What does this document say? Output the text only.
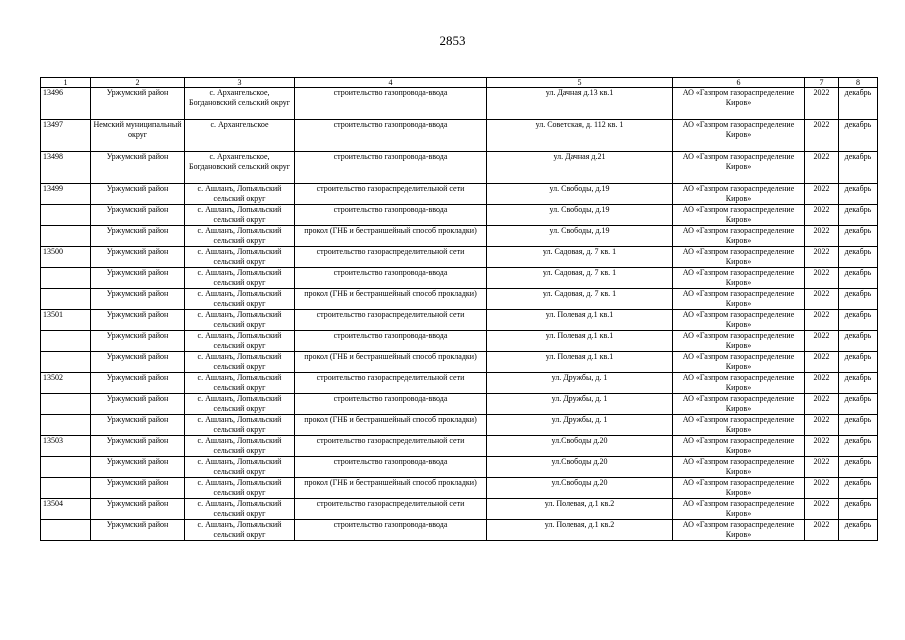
2853
1	2	3	4	5	6	7	8
13496	Уржумский район	с. Архангельское, Богдановский сельский округ	строительство газопровода-ввода	ул. Дачная д.13 кв.1	АО «Газпром газораспределение Киров»	2022	декабрь
13497	Немский муниципальный округ	с. Архангельское	строительство газопровода-ввода	ул. Советская, д. 112 кв. 1	АО «Газпром газораспределение Киров»	2022	декабрь
13498	Уржумский район	с. Архангельское, Богдановский сельский округ	строительство газопровода-ввода	ул. Дачная д.21	АО «Газпром газораспределение Киров»	2022	декабрь
13499	Уржумский район	с. Ашланъ, Лопьяльский сельский округ	строительство газораспределительной сети	ул. Свободы, д.19	АО «Газпром газораспределение Киров»	2022	декабрь
	Уржумский район	с. Ашланъ, Лопьяльский сельский округ	строительство газопровода-ввода	ул. Свободы, д.19	АО «Газпром газораспределение Киров»	2022	декабрь
	Уржумский район	с. Ашланъ, Лопьяльский сельский округ	прокол (ГНБ и бестраншейный способ прокладки)	ул. Свободы, д.19	АО «Газпром газораспределение Киров»	2022	декабрь
13500	Уржумский район	с. Ашланъ, Лопьяльский сельский округ	строительство газораспределительной сети	ул. Садовая, д. 7 кв. 1	АО «Газпром газораспределение Киров»	2022	декабрь
	Уржумский район	с. Ашланъ, Лопьяльский сельский округ	строительство газопровода-ввода	ул. Садовая, д. 7 кв. 1	АО «Газпром газораспределение Киров»	2022	декабрь
	Уржумский район	с. Ашланъ, Лопьяльский сельский округ	прокол (ГНБ и бестраншейный способ прокладки)	ул. Садовая, д. 7 кв. 1	АО «Газпром газораспределение Киров»	2022	декабрь
13501	Уржумский район	с. Ашланъ, Лопьяльский сельский округ	строительство газораспределительной сети	ул. Полевая д.1 кв.1	АО «Газпром газораспределение Киров»	2022	декабрь
	Уржумский район	с. Ашланъ, Лопьяльский сельский округ	строительство газопровода-ввода	ул. Полевая д.1 кв.1	АО «Газпром газораспределение Киров»	2022	декабрь
	Уржумский район	с. Ашланъ, Лопьяльский сельский округ	прокол (ГНБ и бестраншейный способ прокладки)	ул. Полевая д.1 кв.1	АО «Газпром газораспределение Киров»	2022	декабрь
13502	Уржумский район	с. Ашланъ, Лопьяльский сельский округ	строительство газораспределительной сети	ул. Дружбы, д. 1	АО «Газпром газораспределение Киров»	2022	декабрь
	Уржумский район	с. Ашланъ, Лопьяльский сельский округ	строительство газопровода-ввода	ул. Дружбы, д. 1	АО «Газпром газораспределение Киров»	2022	декабрь
	Уржумский район	с. Ашланъ, Лопьяльский сельский округ	прокол (ГНБ и бестраншейный способ прокладки)	ул. Дружбы, д. 1	АО «Газпром газораспределение Киров»	2022	декабрь
13503	Уржумский район	с. Ашланъ, Лопьяльский сельский округ	строительство газораспределительной сети	ул.Свободы д.20	АО «Газпром газораспределение Киров»	2022	декабрь
	Уржумский район	с. Ашланъ, Лопьяльский сельский округ	строительство газопровода-ввода	ул.Свободы д.20	АО «Газпром газораспределение Киров»	2022	декабрь
	Уржумский район	с. Ашланъ, Лопьяльский сельский округ	прокол (ГНБ и бестраншейный способ прокладки)	ул.Свободы д.20	АО «Газпром газораспределение Киров»	2022	декабрь
13504	Уржумский район	с. Ашланъ, Лопьяльский сельский округ	строительство газораспределительной сети	ул. Полевая, д.1 кв.2	АО «Газпром газораспределение Киров»	2022	декабрь
	Уржумский район	с. Ашланъ, Лопьяльский сельский округ	строительство газопровода-ввода	ул. Полевая, д.1 кв.2	АО «Газпром газораспределение Киров»	2022	декабрь
